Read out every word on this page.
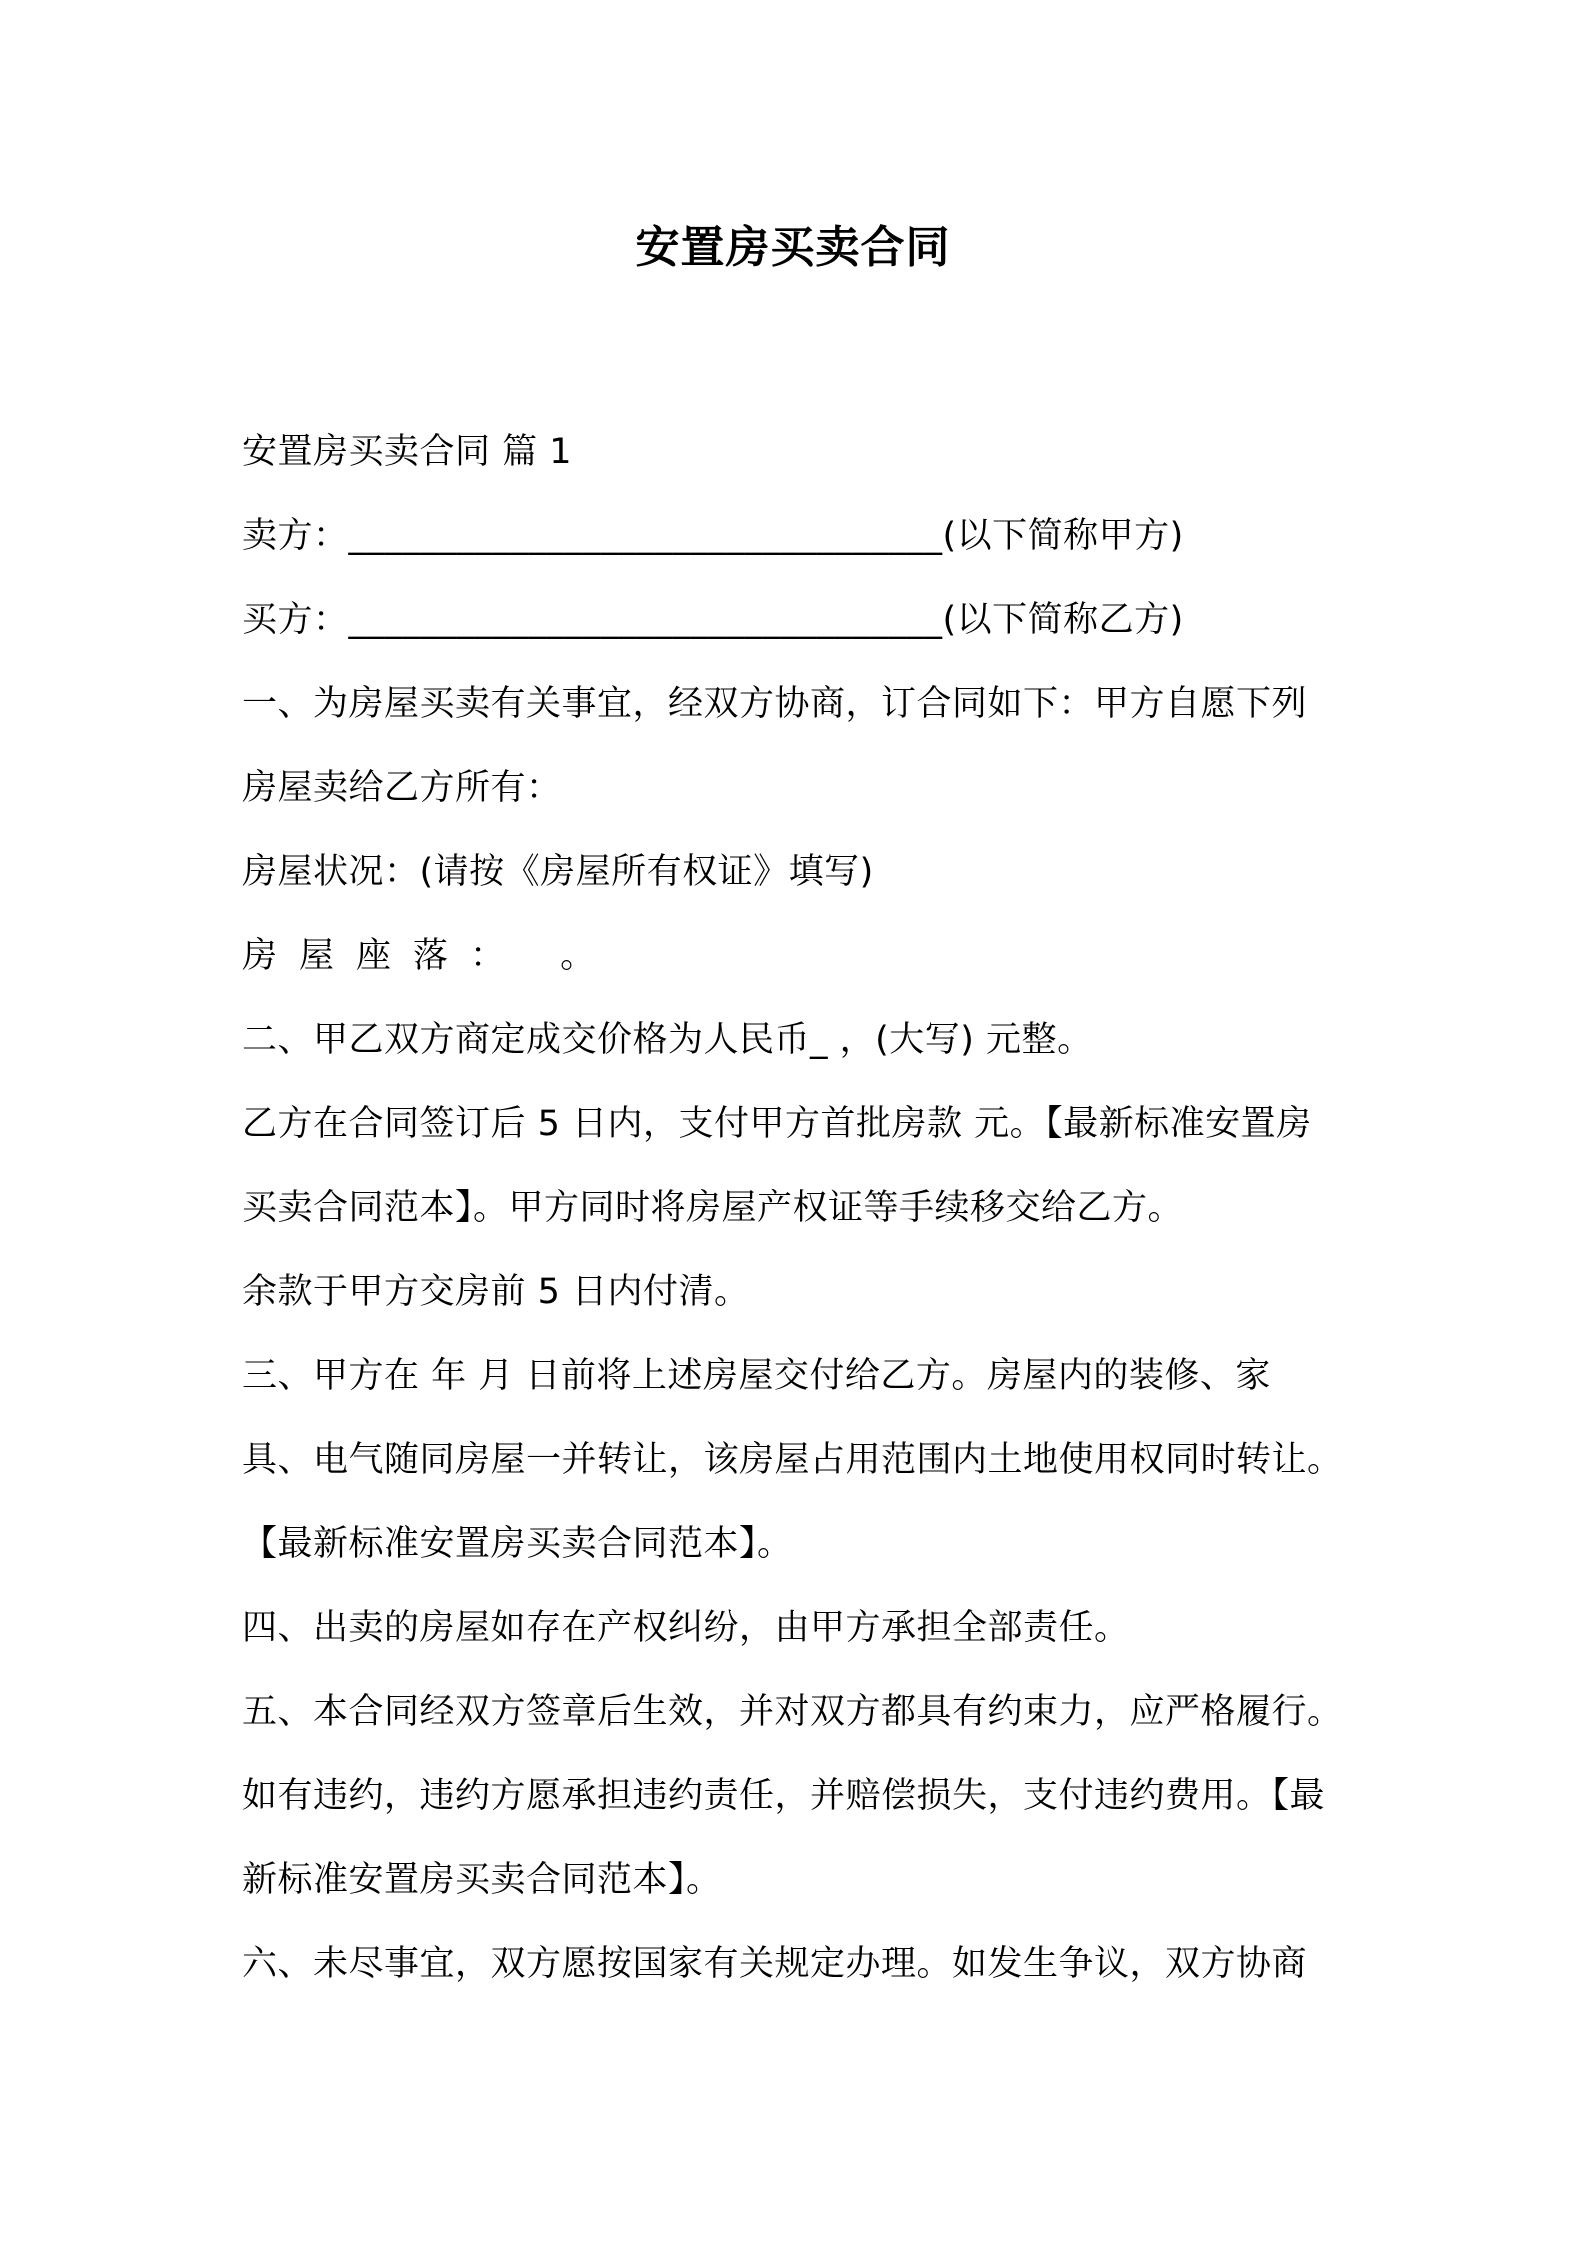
安置房买卖合同
安置房买卖合同 篇 1
卖方：_________________________________(以下简称甲方)
买方：_________________________________(以下简称乙方)
一、为房屋买卖有关事宜，经双方协商，订合同如下：甲方自愿下列
房屋卖给乙方所有：
房屋状况：(请按《房屋所有权证》填写)
房屋座落： 。
二、甲乙双方商定成交价格为人民币_ ，(大写) 元整。
乙方在合同签订后 5 日内，支付甲方首批房款 元。【最新标准安置房
买卖合同范本】。甲方同时将房屋产权证等手续移交给乙方。
余款于甲方交房前 5 日内付清。
三、甲方在 年 月 日前将上述房屋交付给乙方。房屋内的装修、家
具、电气随同房屋一并转让，该房屋占用范围内土地使用权同时转让。
【最新标准安置房买卖合同范本】。
四、出卖的房屋如存在产权纠纷，由甲方承担全部责任。
五、本合同经双方签章后生效，并对双方都具有约束力，应严格履行。
如有违约，违约方愿承担违约责任，并赔偿损失，支付违约费用。【最
新标准安置房买卖合同范本】。
六、未尽事宜，双方愿按国家有关规定办理。如发生争议，双方协商
